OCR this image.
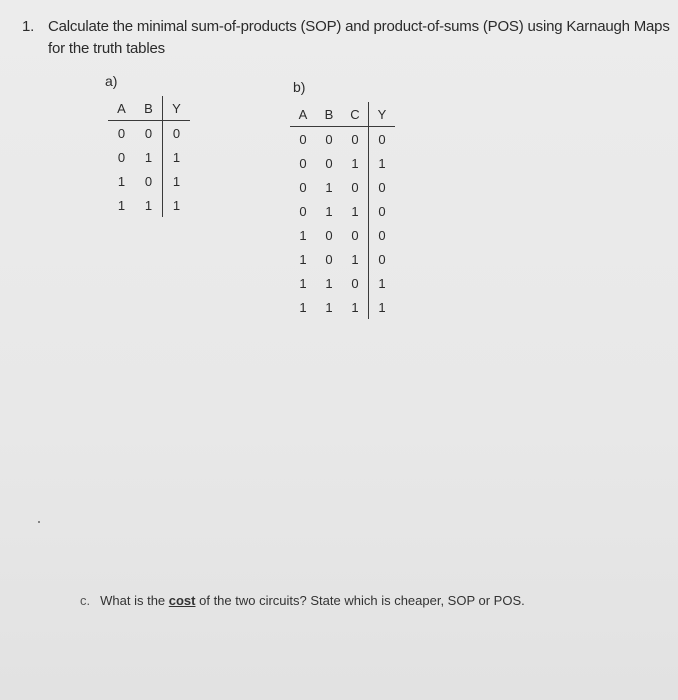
1. Calculate the minimal sum-of-products (SOP) and product-of-sums (POS) using Karnaugh Maps
for the truth tables
a)
A	B	Y
0	0	0
0	1	1
1	0	1
1	1	1
b)
A	B	C	Y
0	0	0	0
0	0	1	1
0	1	0	0
0	1	1	0
1	0	0	0
1	0	1	0
1	1	0	1
1	1	1	1
c. What is the cost of the two circuits? State which is cheaper, SOP or POS.
